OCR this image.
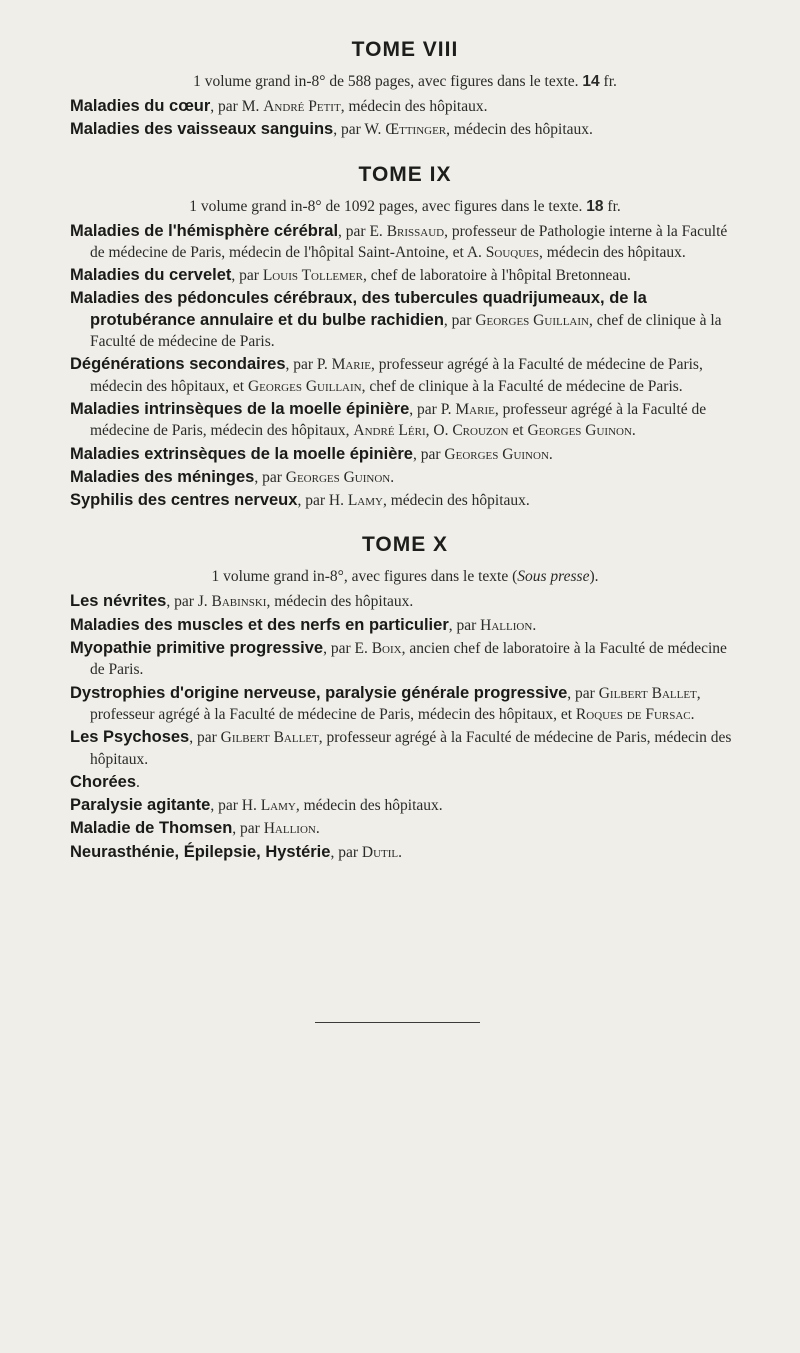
TOME VIII
1 volume grand in-8° de 588 pages, avec figures dans le texte. 14 fr.
Maladies du cœur, par M. André Petit, médecin des hôpitaux.
Maladies des vaisseaux sanguins, par W. Œttinger, médecin des hôpitaux.
TOME IX
1 volume grand in-8° de 1092 pages, avec figures dans le texte. 18 fr.
Maladies de l'hémisphère cérébral, par E. Brissaud, professeur de Pathologie interne à la Faculté de médecine de Paris, médecin de l'hôpital Saint-Antoine, et A. Souques, médecin des hôpitaux.
Maladies du cervelet, par Louis Tollemer, chef de laboratoire à l'hôpital Bretonneau.
Maladies des pédoncules cérébraux, des tubercules quadrijumeaux, de la protubérance annulaire et du bulbe rachidien, par Georges Guillain, chef de clinique à la Faculté de médecine de Paris.
Dégénérations secondaires, par P. Marie, professeur agrégé à la Faculté de médecine de Paris, médecin des hôpitaux, et Georges Guillain, chef de clinique à la Faculté de médecine de Paris.
Maladies intrinsèques de la moelle épinière, par P. Marie, professeur agrégé à la Faculté de médecine de Paris, médecin des hôpitaux, André Léri, O. Crouzon et Georges Guinon.
Maladies extrinsèques de la moelle épinière, par Georges Guinon.
Maladies des méninges, par Georges Guinon.
Syphilis des centres nerveux, par H. Lamy, médecin des hôpitaux.
TOME X
1 volume grand in-8°, avec figures dans le texte (Sous presse).
Les névrites, par J. Babinski, médecin des hôpitaux.
Maladies des muscles et des nerfs en particulier, par Hallion.
Myopathie primitive progressive, par E. Boix, ancien chef de laboratoire à la Faculté de médecine de Paris.
Dystrophies d'origine nerveuse, paralysie générale progressive, par Gilbert Ballet, professeur agrégé à la Faculté de médecine de Paris, médecin des hôpitaux, et Roques de Fursac.
Les Psychoses, par Gilbert Ballet, professeur agrégé à la Faculté de médecine de Paris, médecin des hôpitaux.
Chorées.
Paralysie agitante, par H. Lamy, médecin des hôpitaux.
Maladie de Thomsen, par Hallion.
Neurasthénie, Épilepsie, Hystérie, par Dutil.
